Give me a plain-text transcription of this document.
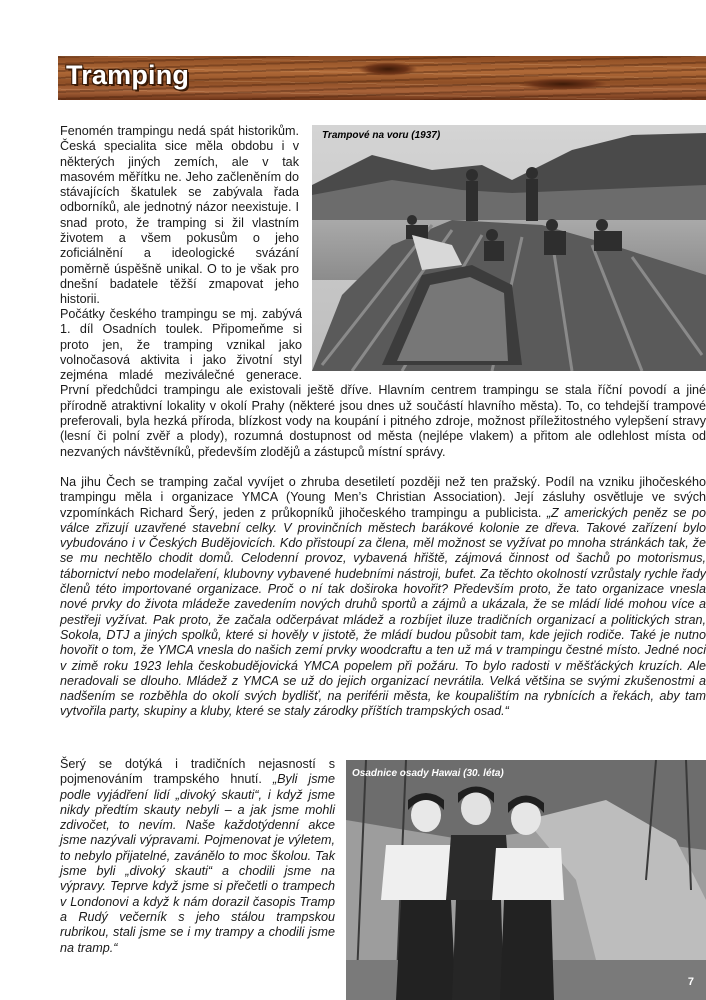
Tramping
Trampové na voru (1937)

Fenomén trampingu nedá spát historikům. Česká specialita sice měla obdobu i v některých jiných zemích, ale v tak masovém měřítku ne. Jeho začleněním do stávajících škatulek se zabývala řada odborníků, ale jednotný názor neexistuje. I snad proto, že tramping si žil vlastním životem a všem pokusům o jeho zoficiálnění a ideologické svázání poměrně úspěšně unikal. O to je však pro dnešní badatele těžší zmapovat jeho historii.

Počátky českého trampingu se mj. zabývá 1. díl Osadních toulek. Připomeňme si proto jen, že tramping vznikal jako volnočasová aktivita i jako životní styl zejména mladé meziválečné generace. První předchůdci trampingu ale existovali ještě dříve. Hlavním centrem trampingu se stala říční povodí a jiné přírodně atraktivní lokality v okolí Prahy (některé jsou dnes už součástí hlavního města). To, co tehdejší trampové preferovali, byla hezká příroda, blízkost vody na koupání i pitného zdroje, možnost příležitostného vylepšení stravy (lesní či polní zvěř a plody), rozumná dostupnost od města (nejlépe vlakem) a přitom ale odlehlost místa od nezvaných návštěvníků, především zlodějů a zástupců místní správy.

Na jihu Čech se tramping začal vyvíjet o zhruba desetiletí později než ten pražský. Podíl na vzniku jihočeského trampingu měla i organizace YMCA (Young Men’s Christian Association). Její zásluhy osvětluje ve svých vzpomínkách Richard Šerý, jeden z průkopníků jihočeského trampingu a publicista. „Z amerických peněz se po válce zřizují uzavřené stavební celky. V provinčních městech barákové kolonie ze dřeva. Takové zařízení bylo vybudováno i v Českých Budějovicích. Kdo přistoupí za člena, měl možnost se vyžívat po mnoha stránkách tak, že se mu nechtělo chodit domů. Celodenní provoz, vybavená hřiště, zájmová činnost od šachů po motorismus, tábornictví nebo modelaření, klubovny vybavené hudebními nástroji, bufet. Za těchto okolností vzrůstaly rychle řady členů této importované organizace. Proč o ní tak doširoka hovořit? Především proto, že tato organizace vnesla nové prvky do života mládeže zavedením nových druhů sportů a zájmů a ukázala, že se mládí lidé mohou více a pestřeji vyžívat. Pak proto, že začala odčerpávat mládež a rozbíjet iluze tradičních organizací a politických stran, Sokola, DTJ a jiných spolků, které si hověly v jistotě, že mládí budou působit tam, kde jejich rodiče. Také je nutno hovořit o tom, že YMCA vnesla do našich zemí prvky woodcraftu a ten už má v trampingu čestné místo. Jedné noci v zimě roku 1923 lehla českobudějovická YMCA popelem při požáru. To bylo radosti v měšťáckých kruzích. Ale neradovali se dlouho. Mládež z YMCA se už do jejich organizací nevrátila. Velká většina se svými zkušenostmi a nadšením se rozběhla do okolí svých bydlišť, na periférii města, ke koupalištím na rybnících a řekách, aby tam vytvořila party, skupiny a kluby, které se staly zárodky příštích trampských osad.“

Osadnice osady Hawai (30. léta)

Šerý se dotýká i tradičních nejasností s pojmenováním trampského hnutí. „Byli jsme podle vyjádření lidí „divoký skauti“, i když jsme nikdy předtím skauty nebyli – a jak jsme mohli zdivočet, to nevím. Naše každotýdenní akce jsme nazývali výpravami. Pojmenovat je výletem, to nebylo přijatelné, zavánělo to moc školou. Tak jsme byli „divoký skauti“ a chodili jsme na výpravy. Teprve když jsme si přečetli o trampech v Londonovi a když k nám dorazil časopis Tramp a Rudý večerník s jeho stálou trampskou rubrikou, stali jsme se i my trampy a chodili jsme na tramp.“

7
